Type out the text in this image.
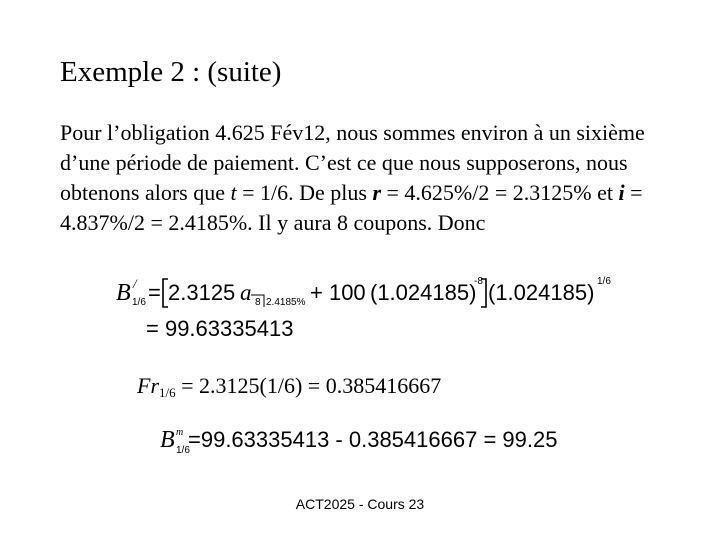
Exemple 2 : (suite)
Pour l’obligation 4.625 Fév12, nous sommes environ à un sixième d’une période de paiement. C’est ce que nous supposerons, nous obtenons alors que t = 1/6. De plus r = 4.625%/2 = 2.3125% et i = 4.837%/2 = 2.4185%. Il y aura 8 coupons. Donc
B /
1/6 = 2.3125 a 8 2.4185% + 100 (1.024185)
-8 (1.024185) 1/6
= 99.63335413
$Fr_{1/6} = 2.3125(1/6) = 0.385416667$
B m
1/6
=99.63335413 - 0.385416667 = 99.25
ACT2025 - Cours 23
